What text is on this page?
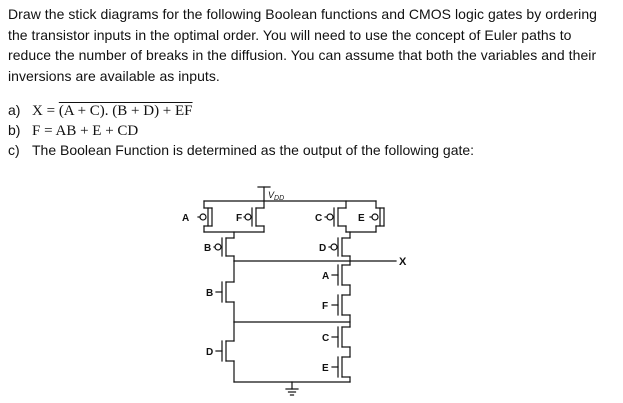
Draw the stick diagrams for the following Boolean functions and CMOS logic gates by ordering the transistor inputs in the optimal order. You will need to use the concept of Euler paths to reduce the number of breaks in the diffusion. You can assume that both the variables and their inversions are available as inputs.

a) X = (A + C). (B + D) + EF
b) F = AB + E + CD
c) The Boolean Function is determined as the output of the following gate:
$V_{DD}$
X
A	F	C	E
B	D
B
D
A
F
C
E
